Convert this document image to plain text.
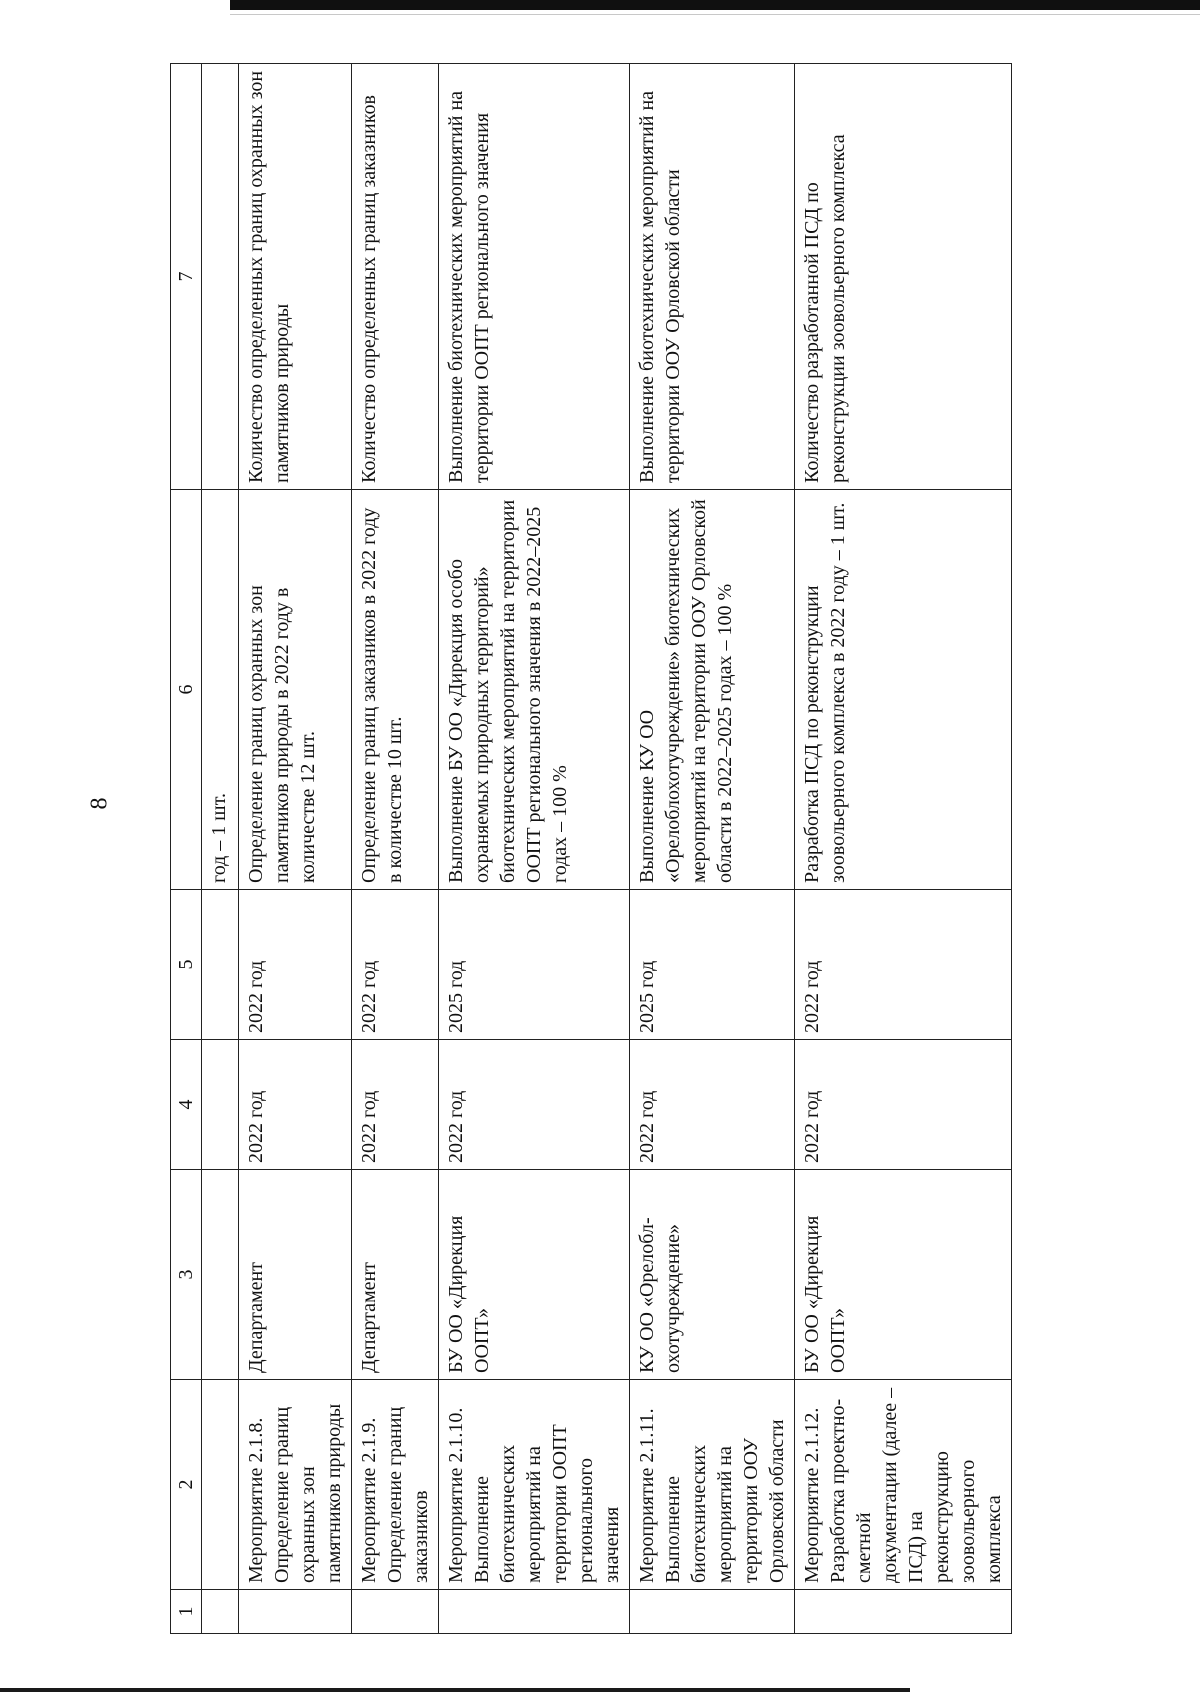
8
1	2	3	4	5	6	7
					год – 1 шт.	
	Мероприятие 2.1.8. Определение границ охранных зон памятников природы	Департамент	2022 год	2022 год	Определение границ охранных зон памятников природы в 2022 году в количестве 12 шт.	Количество определенных границ охранных зон памятников природы
	Мероприятие 2.1.9. Определение границ заказников	Департамент	2022 год	2022 год	Определение границ заказников в 2022 году в количестве 10 шт.	Количество определенных границ заказников
	Мероприятие 2.1.10. Выполнение биотехнических мероприятий на территории ООПТ регионального значения	БУ ОО «Дирекция ООПТ»	2022 год	2025 год	Выполнение БУ ОО «Дирекция особо охраняемых природных территорий» биотехнических мероприятий на территории ООПТ регионального значения в 2022–2025 годах – 100 %	Выполнение биотехнических мероприятий на территории ООПТ регионального значения
	Мероприятие 2.1.11. Выполнение биотехнических мероприятий на территории ООУ Орловской области	КУ ОО «Орелобл-охотучреждение»	2022 год	2025 год	Выполнение КУ ОО «Орелоблохотучреждение» биотехнических мероприятий на территории ООУ Орловской области в 2022–2025 годах – 100 %	Выполнение биотехнических мероприятий на территории ООУ Орловской области
	Мероприятие 2.1.12. Разработка проектно-сметной документации (далее – ПСД) на реконструкцию зоовольерного комплекса	БУ ОО «Дирекция ООПТ»	2022 год	2022 год	Разработка ПСД по реконструкции зоовольерного комплекса в 2022 году – 1 шт.	Количество разработанной ПСД по реконструкции зоовольерного комплекса
